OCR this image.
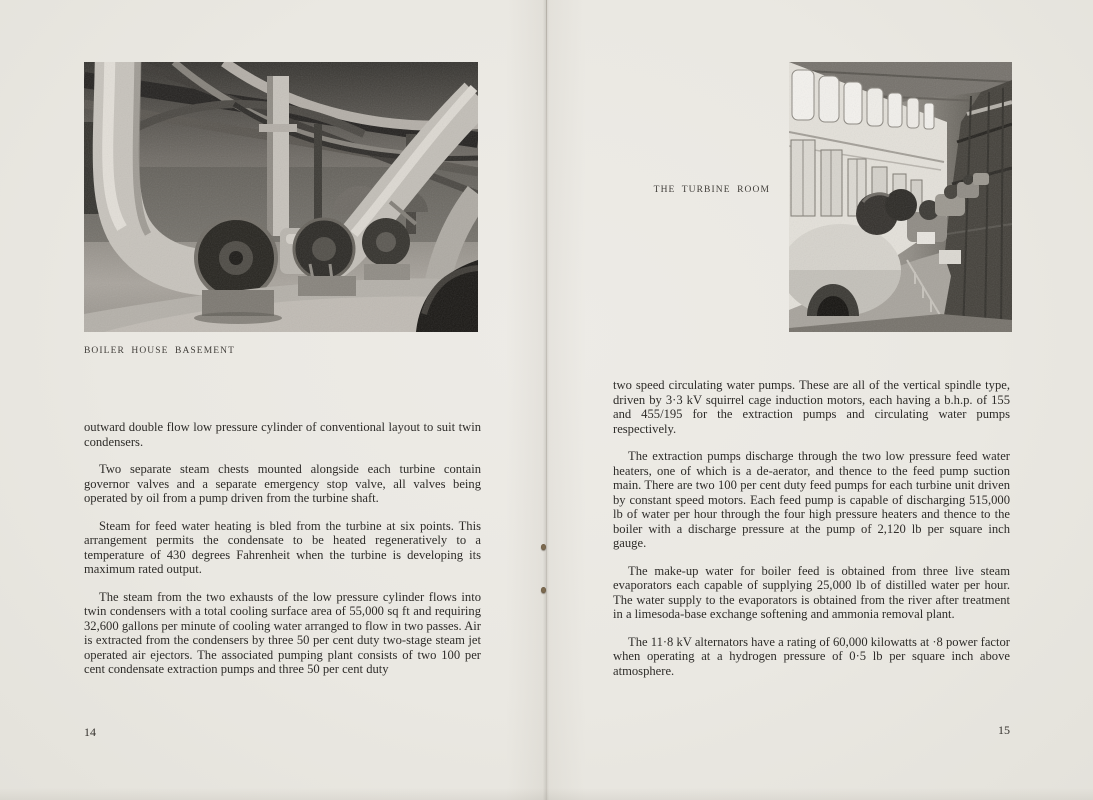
BOILER HOUSE BASEMENT
outward double flow low pressure cylinder of conventional layout to suit twin condensers.
Two separate steam chests mounted alongside each turbine contain governor valves and a separate emergency stop valve, all valves being operated by oil from a pump driven from the turbine shaft.
Steam for feed water heating is bled from the turbine at six points. This arrangement permits the condensate to be heated regeneratively to a temperature of 430 degrees Fahrenheit when the turbine is developing its maximum rated output.
The steam from the two exhausts of the low pressure cylinder flows into twin condensers with a total cooling surface area of 55,000 sq ft and requiring 32,600 gallons per minute of cooling water arranged to flow in two passes. Air is extracted from the condensers by three 50 per cent duty two-stage steam jet operated air ejectors. The associated pumping plant consists of two 100 per cent condensate extraction pumps and three 50 per cent duty
14
THE TURBINE ROOM
two speed circulating water pumps. These are all of the vertical spindle type, driven by 3·3 kV squirrel cage induction motors, each having a b.h.p. of 155 and 455/195 for the extraction pumps and circulating water pumps respectively.
The extraction pumps discharge through the two low pressure feed water heaters, one of which is a de-aerator, and thence to the feed pump suction main. There are two 100 per cent duty feed pumps for each turbine unit driven by constant speed motors. Each feed pump is capable of discharging 515,000 lb of water per hour through the four high pressure heaters and thence to the boiler with a discharge pressure at the pump of 2,120 lb per square inch gauge.
The make-up water for boiler feed is obtained from three live steam evaporators each capable of supplying 25,000 lb of distilled water per hour. The water supply to the evaporators is obtained from the river after treatment in a limesoda-base exchange softening and ammonia removal plant.
The 11·8 kV alternators have a rating of 60,000 kilowatts at ·8 power factor when operating at a hydrogen pressure of 0·5 lb per square inch above atmosphere.
15
